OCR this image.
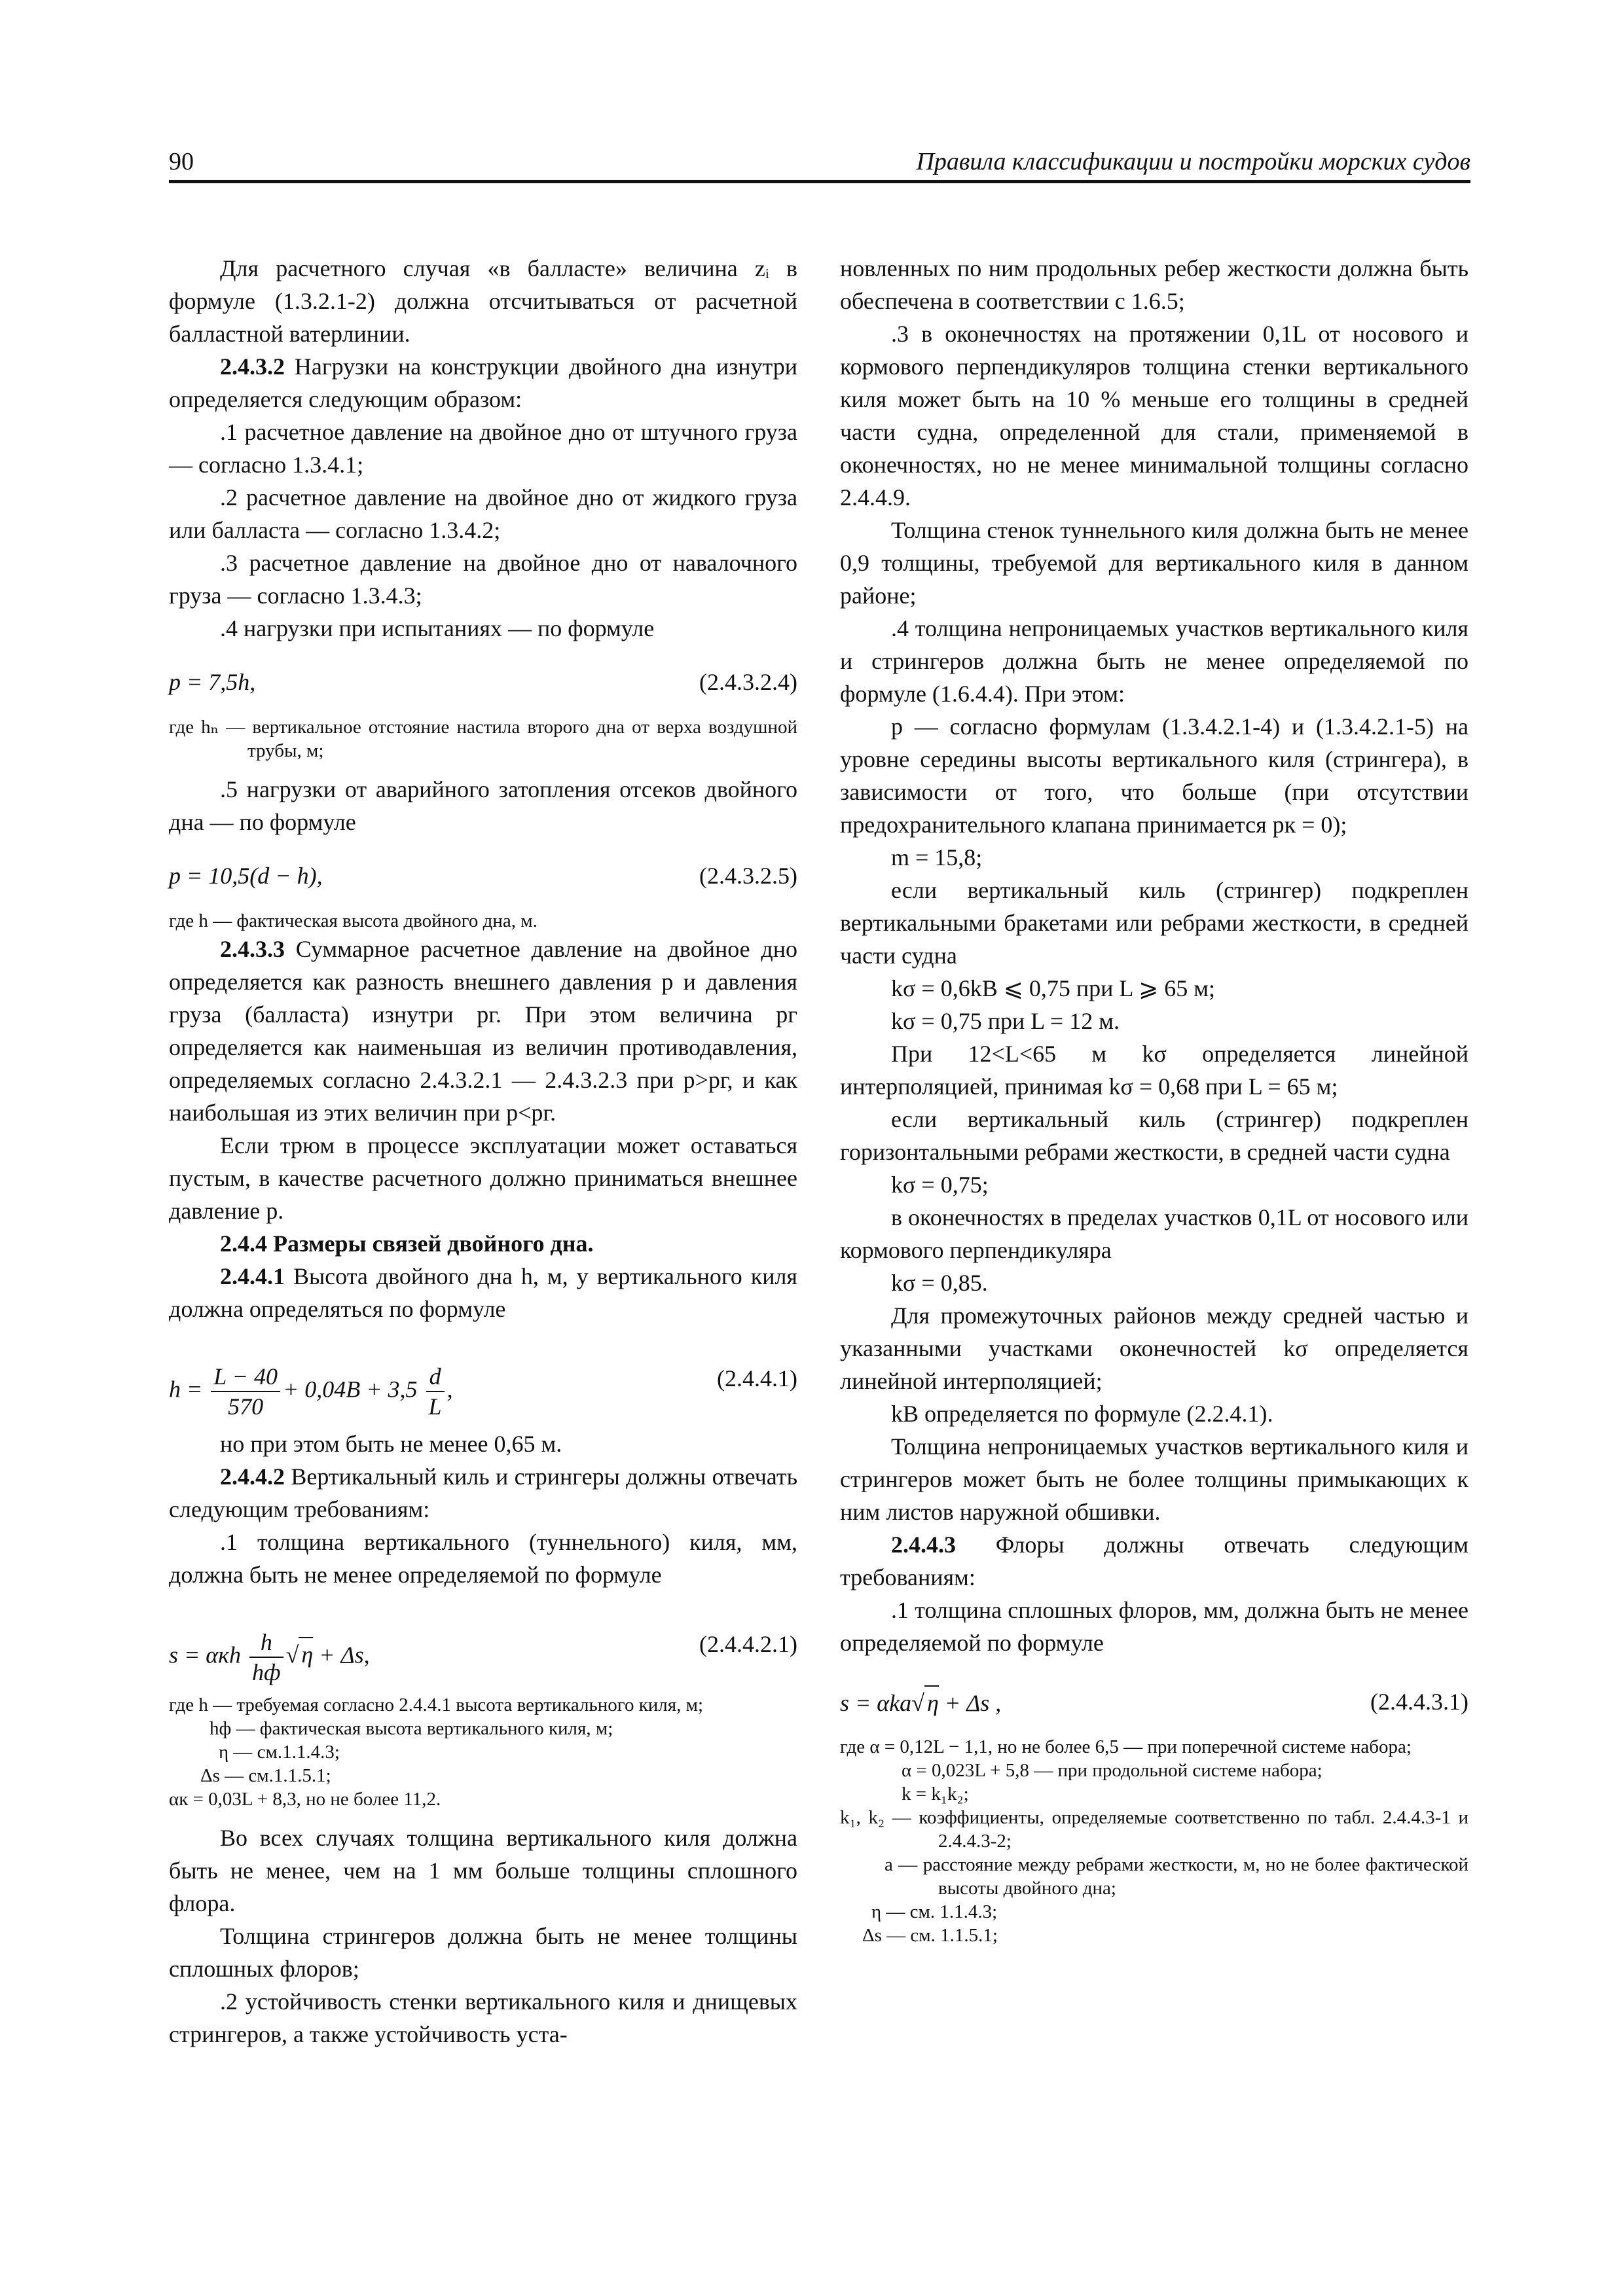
90	Правила классификации и постройки морских судов

Для расчетного случая «в балласте» величина zᵢ в формуле (1.3.2.1-2) должна отсчитываться от расчетной балластной ватерлинии.

2.4.3.2 Нагрузки на конструкции двойного дна изнутри определяется следующим образом:

.1 расчетное давление на двойное дно от штучного груза — согласно 1.3.4.1;

.2 расчетное давление на двойное дно от жидкого груза или балласта — согласно 1.3.4.2;

.3 расчетное давление на двойное дно от навалочного груза — согласно 1.3.4.3;

.4 нагрузки при испытаниях — по формуле

p = 7,5h,	(2.4.3.2.4)
где hₙ — вертикальное отстояние настила второго дна от верха воздушной трубы, м;

.5 нагрузки от аварийного затопления отсеков двойного дна — по формуле

p = 10,5(d − h),	(2.4.3.2.5)
где h — фактическая высота двойного дна, м.

2.4.3.3 Суммарное расчетное давление на двойное дно определяется как разность внешнего давления p и давления груза (балласта) изнутри pг. При этом величина pг определяется как наименьшая из величин противодавления, определяемых согласно 2.4.3.2.1 — 2.4.3.2.3 при p>pг, и как наибольшая из этих величин при p<pг.

Если трюм в процессе эксплуатации может оставаться пустым, в качестве расчетного должно приниматься внешнее давление p.

2.4.4 Размеры связей двойного дна.

2.4.4.1 Высота двойного дна h, м, у вертикального киля должна определяться по формуле

$h = \frac{L - 40}{570} + 0,04B + 3,5 \frac{d}{L}$ ,	(2.4.4.1)

но при этом быть не менее 0,65 м.

2.4.4.2 Вертикальный киль и стрингеры должны отвечать следующим требованиям:

.1 толщина вертикального (туннельного) киля, мм, должна быть не менее определяемой по формуле

s = αкh $\frac{h}{hф}$ √ η + Δs,	(2.4.4.2.1)
где h — требуемая согласно 2.4.4.1 высота вертикального киля, м;
hф — фактическая высота вертикального киля, м;
η — см.1.1.4.3;
Δs — см.1.1.5.1;
αк = 0,03L + 8,3, но не более 11,2.

Во всех случаях толщина вертикального киля должна быть не менее, чем на 1 мм больше толщины сплошного флора.

Толщина стрингеров должна быть не менее толщины сплошных флоров;

.2 устойчивость стенки вертикального киля и днищевых стрингеров, а также устойчивость уста-

новленных по ним продольных ребер жесткости должна быть обеспечена в соответствии с 1.6.5;

.3 в оконечностях на протяжении 0,1L от носового и кормового перпендикуляров толщина стенки вертикального киля может быть на 10 % меньше его толщины в средней части судна, определенной для стали, применяемой в оконечностях, но не менее минимальной толщины согласно 2.4.4.9.

Толщина стенок туннельного киля должна быть не менее 0,9 толщины, требуемой для вертикального киля в данном районе;

.4 толщина непроницаемых участков вертикального киля и стрингеров должна быть не менее определяемой по формуле (1.6.4.4). При этом:

p — согласно формулам (1.3.4.2.1-4) и (1.3.4.2.1-5) на уровне середины высоты вертикального киля (стрингера), в зависимости от того, что больше (при отсутствии предохранительного клапана принимается pк = 0);

m = 15,8;

если вертикальный киль (стрингер) подкреплен вертикальными бракетами или ребрами жесткости, в средней части судна

kσ = 0,6kB ⩽ 0,75 при L ⩾ 65 м;

kσ = 0,75 при L = 12 м.

При 12<L<65 м kσ определяется линейной интерполяцией, принимая kσ = 0,68 при L = 65 м;

если вертикальный киль (стрингер) подкреплен горизонтальными ребрами жесткости, в средней части судна

kσ = 0,75;

в оконечностях в пределах участков 0,1L от носового или кормового перпендикуляра

kσ = 0,85.

Для промежуточных районов между средней частью и указанными участками оконечностей kσ определяется линейной интерполяцией;

kB определяется по формуле (2.2.4.1).

Толщина непроницаемых участков вертикального киля и стрингеров может быть не более толщины примыкающих к ним листов наружной обшивки.

2.4.4.3 Флоры должны отвечать следующим требованиям:

.1 толщина сплошных флоров, мм, должна быть не менее определяемой по формуле

s = αka√ η + Δs ,	(2.4.4.3.1)
где α = 0,12L − 1,1, но не более 6,5 — при поперечной системе набора;
α = 0,023L + 5,8 — при продольной системе набора;
k = k₁k₂;
k₁, k₂ — коэффициенты, определяемые соответственно по табл. 2.4.4.3-1 и 2.4.4.3-2;
a — расстояние между ребрами жесткости, м, но не более фактической высоты двойного дна;
η — см. 1.1.4.3;
Δs — см. 1.1.5.1;
